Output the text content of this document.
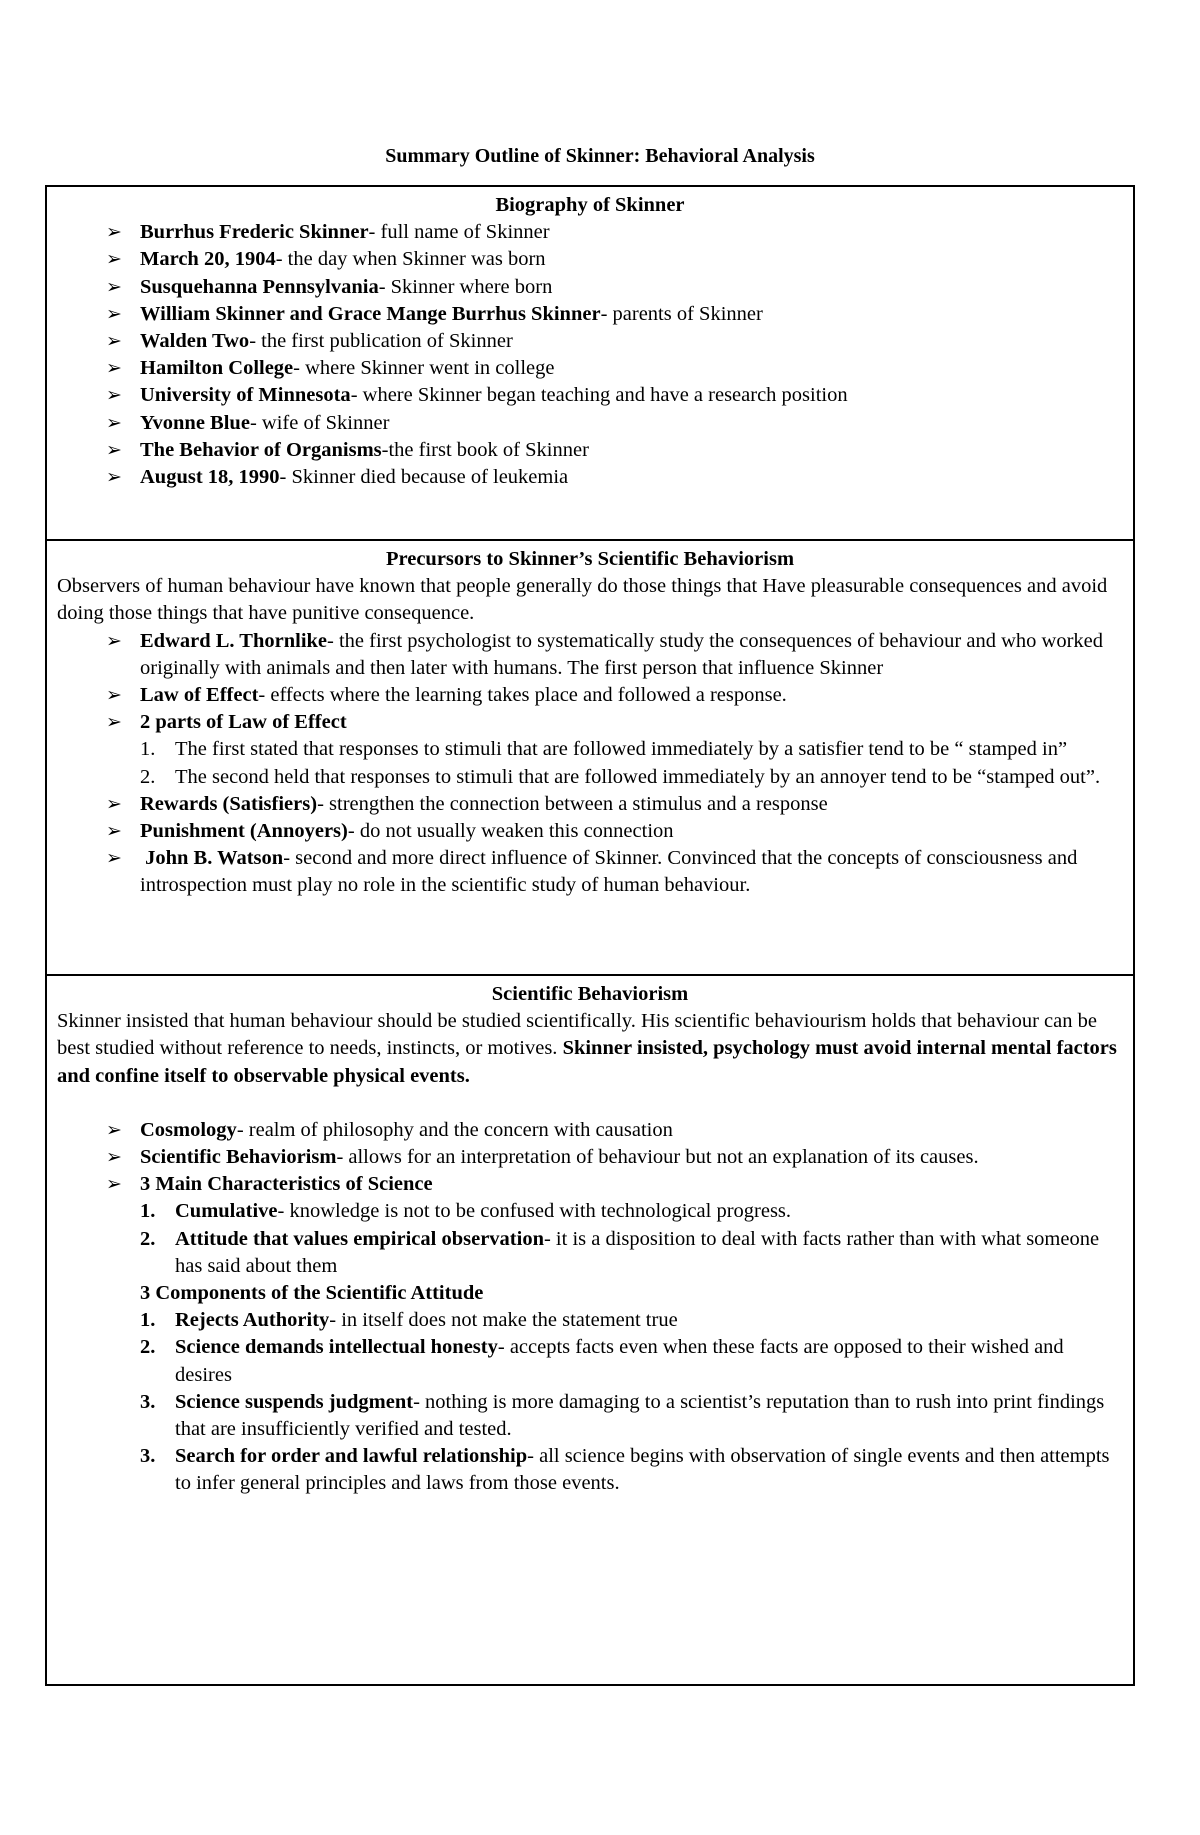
Summary Outline of Skinner: Behavioral Analysis
Biography of Skinner
➢ Burrhus Frederic Skinner- full name of Skinner
➢ March 20, 1904- the day when Skinner was born
➢ Susquehanna Pennsylvania- Skinner where born
➢ William Skinner and Grace Mange Burrhus Skinner- parents of Skinner
➢ Walden Two- the first publication of Skinner
➢ Hamilton College- where Skinner went in college
➢ University of Minnesota- where Skinner began teaching and have a research position
➢ Yvonne Blue- wife of Skinner
➢ The Behavior of Organisms-the first book of Skinner
➢ August 18, 1990- Skinner died because of leukemia
Precursors to Skinner’s Scientific Behaviorism

Observers of human behaviour have known that people generally do those things that Have pleasurable consequences and avoid doing those things that have punitive consequence.

➢ Edward L. Thornlike- the first psychologist to systematically study the consequences of behaviour and who worked originally with animals and then later with humans. The first person that influence Skinner
➢ Law of Effect- effects where the learning takes place and followed a response.
➢ 2 parts of Law of Effect
1. The first stated that responses to stimuli that are followed immediately by a satisfier tend to be “ stamped in”
2. The second held that responses to stimuli that are followed immediately by an annoyer tend to be “stamped out”.
➢ Rewards (Satisfiers)- strengthen the connection between a stimulus and a response
➢ Punishment (Annoyers)- do not usually weaken this connection
➢ John B. Watson- second and more direct influence of Skinner. Convinced that the concepts of consciousness and introspection must play no role in the scientific study of human behaviour.
Scientific Behaviorism

Skinner insisted that human behaviour should be studied scientifically. His scientific behaviourism holds that behaviour can be best studied without reference to needs, instincts, or motives. Skinner insisted, psychology must avoid internal mental factors and confine itself to observable physical events.

➢ Cosmology- realm of philosophy and the concern with causation
➢ Scientific Behaviorism- allows for an interpretation of behaviour but not an explanation of its causes.
➢ 3 Main Characteristics of Science
1. Cumulative- knowledge is not to be confused with technological progress.
2. Attitude that values empirical observation- it is a disposition to deal with facts rather than with what someone has said about them
3 Components of the Scientific Attitude
1. Rejects Authority- in itself does not make the statement true
2. Science demands intellectual honesty- accepts facts even when these facts are opposed to their wished and desires
3. Science suspends judgment- nothing is more damaging to a scientist’s reputation than to rush into print findings that are insufficiently verified and tested.
3. Search for order and lawful relationship- all science begins with observation of single events and then attempts to infer general principles and laws from those events.
